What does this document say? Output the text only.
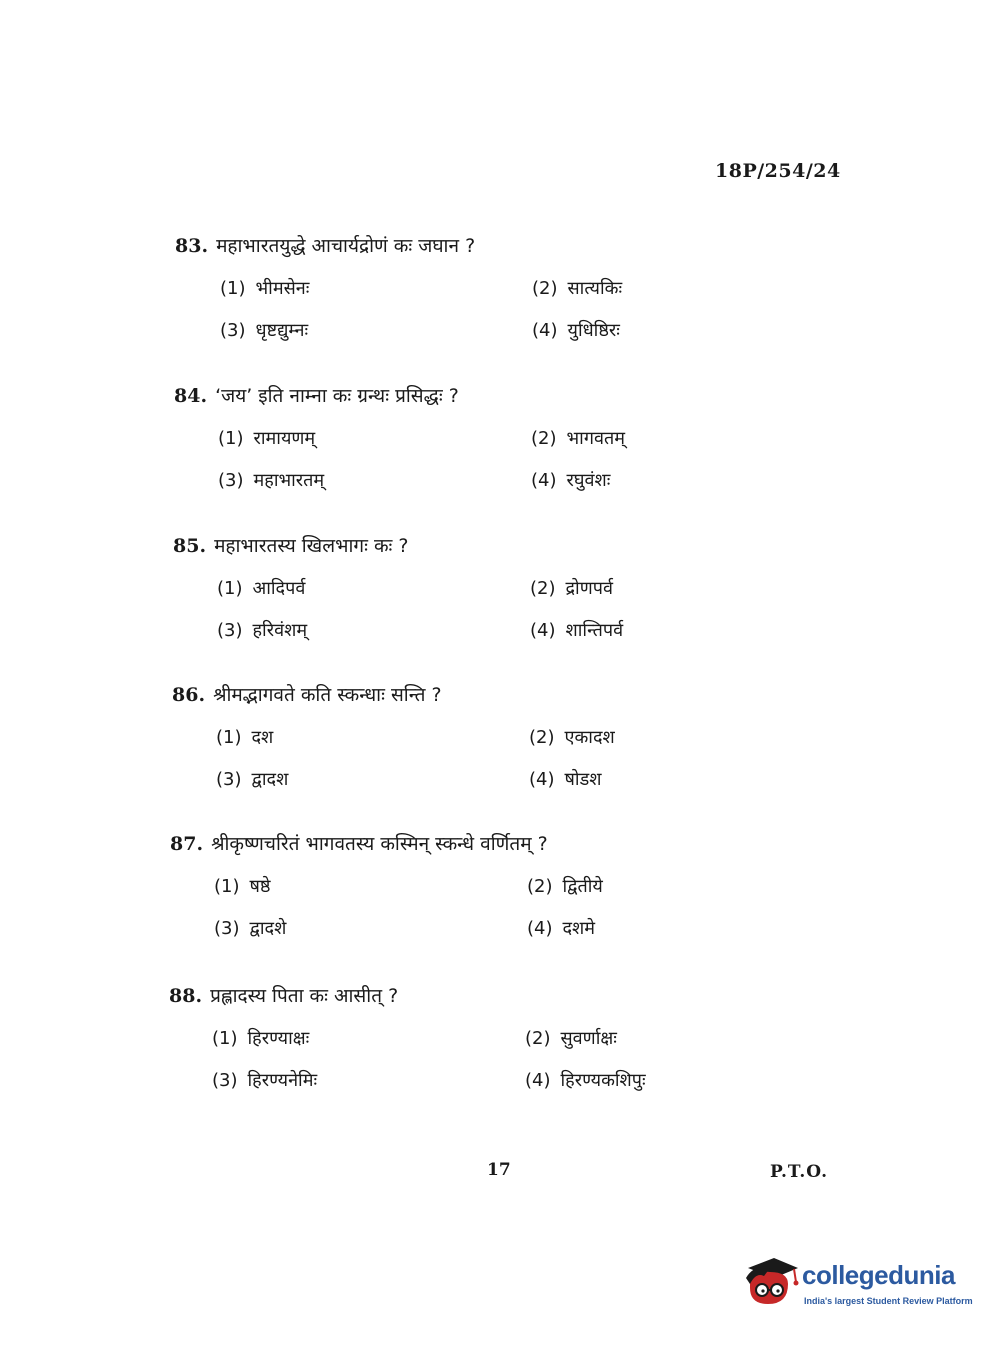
18P/254/24
83. महाभारतयुद्धे आचार्यद्रोणं कः जघान ?
(1) भीमसेनः	(2) सात्यकिः
(3) धृष्टद्युम्नः	(4) युधिष्ठिरः
84. ‘जय’ इति नाम्ना कः ग्रन्थः प्रसिद्धः ?
(1) रामायणम्	(2) भागवतम्
(3) महाभारतम्	(4) रघुवंशः
85. महाभारतस्य खिलभागः कः ?
(1) आदिपर्व	(2) द्रोणपर्व
(3) हरिवंशम्	(4) शान्तिपर्व
86. श्रीमद्भागवते कति स्कन्धाः सन्ति ?
(1) दश	(2) एकादश
(3) द्वादश	(4) षोडश
87. श्रीकृष्णचरितं भागवतस्य कस्मिन् स्कन्धे वर्णितम् ?
(1) षष्ठे	(2) द्वितीये
(3) द्वादशे	(4) दशमे
88. प्रह्लादस्य पिता कः आसीत् ?
(1) हिरण्याक्षः	(2) सुवर्णाक्षः
(3) हिरण्यनेमिः	(4) हिरण्यकशिपुः
17	P.T.O.
collegedunia
India's largest Student Review Platform
